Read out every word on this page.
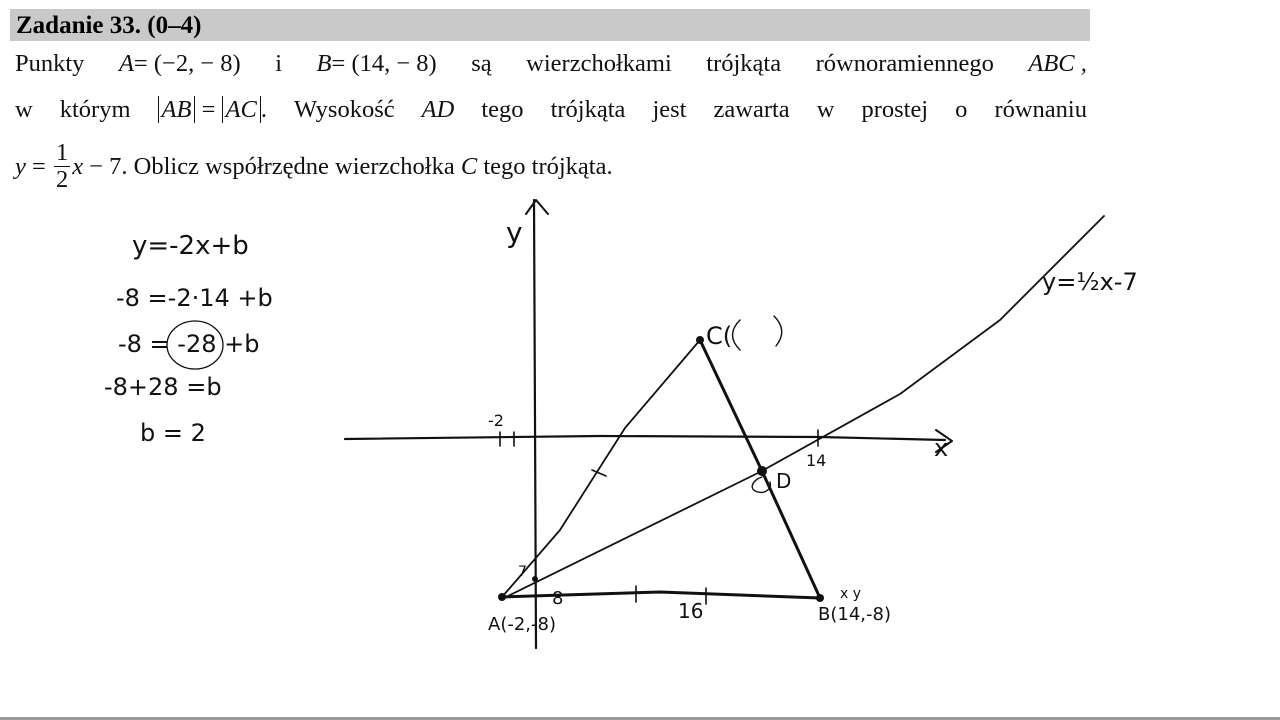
Zadanie 33. (0–4)
Punkty A= (−2, − 8) i B= (14, − 8) są wierzchołkami trójkąta równoramiennego ABC ,
w którym AB = AC . Wysokość AD tego trójkąta jest zawarta w prostej o równaniu
$y = \frac{1}{2}$ x − 7. Oblicz współrzędne wierzchołka C tego trójkąta.
y=-2x+b
-8 =-2·14 +b
-8 = -28 +b
-8+28 =b
b = 2
y
x
y=½x-7
C(
D
-2
14
7
8
16
A(-2,-8)	B(14,-8)
x y
